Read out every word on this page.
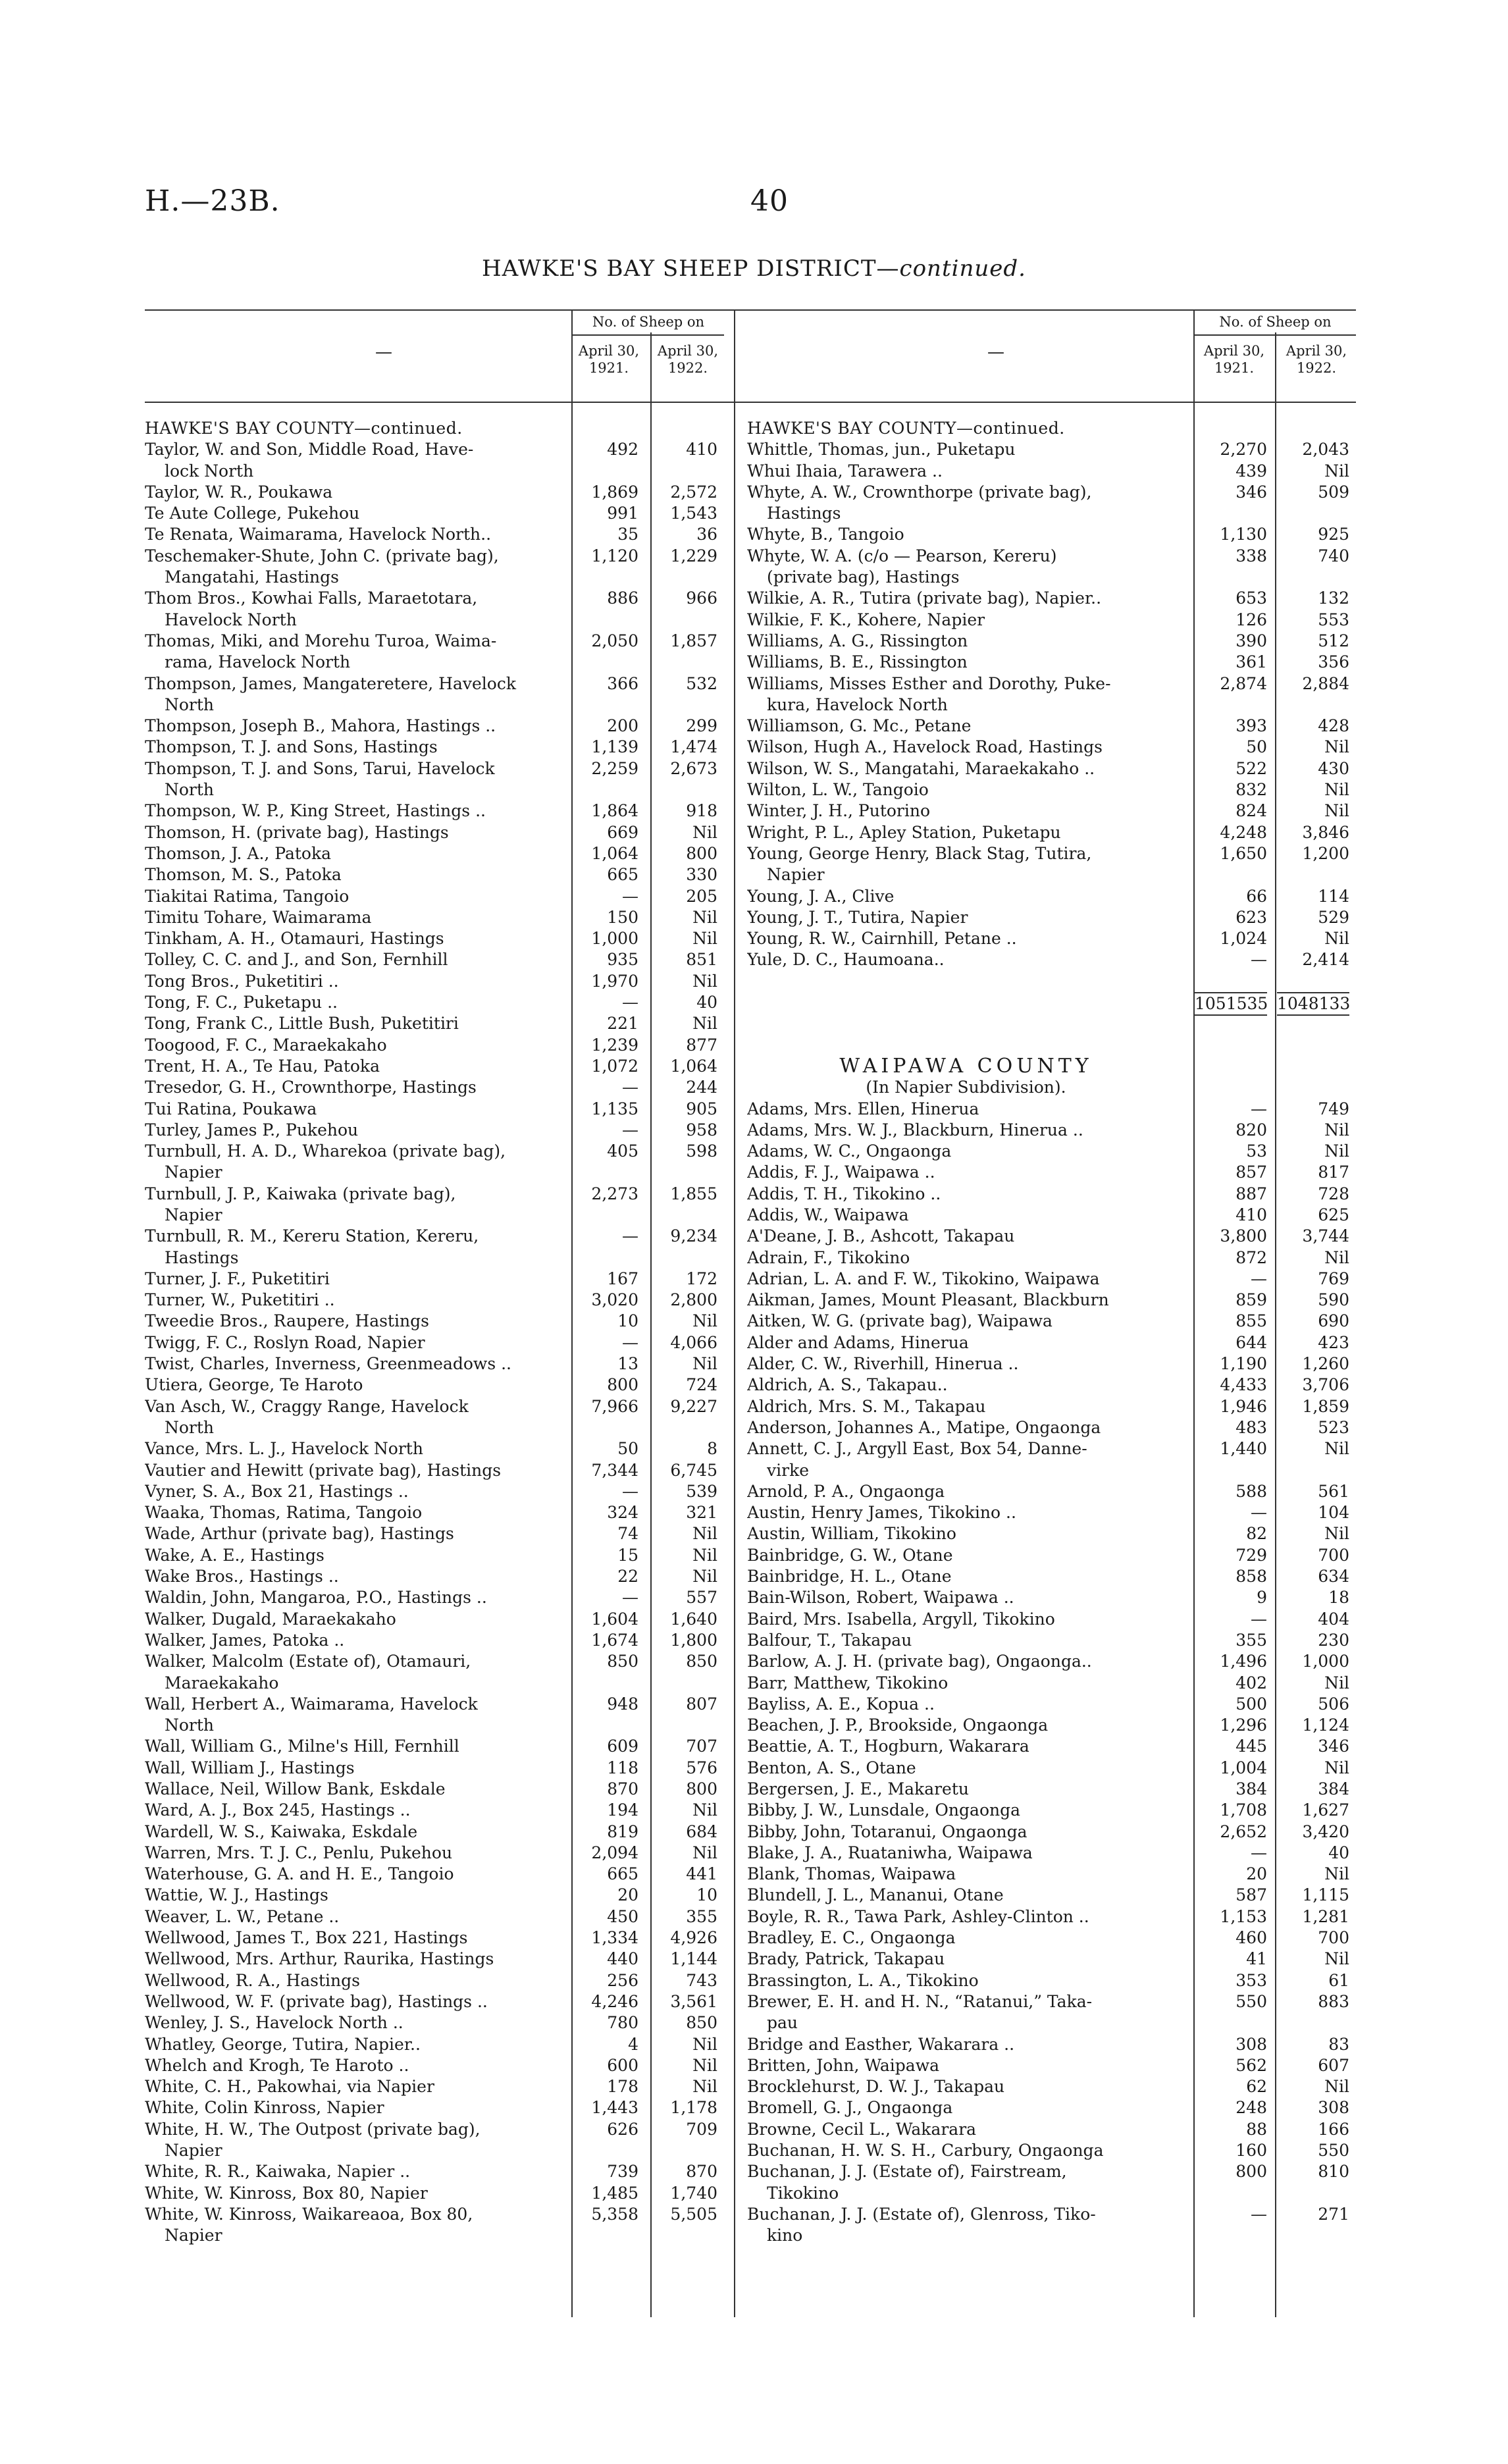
H.—23B.	40
HAWKE'S BAY SHEEP DISTRICT—continued.
—
No. of Sheep on
April 30, 1921.
April 30, 1922.
—
No. of Sheep on
April 30, 1921.
April 30, 1922.
HAWKE'S BAY COUNTY—continued.
Taylor, W. and Son, Middle Road, Have-	492	410
lock North
Taylor, W. R., Poukawa	1,869	2,572
Te Aute College, Pukehou	991	1,543
Te Renata, Waimarama, Havelock North..	35	36
Teschemaker-Shute, John C. (private bag),	1,120	1,229
Mangatahi, Hastings
Thom Bros., Kowhai Falls, Maraetotara,	886	966
Havelock North
Thomas, Miki, and Morehu Turoa, Waima-	2,050	1,857
rama, Havelock North
Thompson, James, Mangateretere, Havelock	366	532
North
Thompson, Joseph B., Mahora, Hastings ..	200	299
Thompson, T. J. and Sons, Hastings	1,139	1,474
Thompson, T. J. and Sons, Tarui, Havelock	2,259	2,673
North
Thompson, W. P., King Street, Hastings ..	1,864	918
Thomson, H. (private bag), Hastings	669	Nil
Thomson, J. A., Patoka	1,064	800
Thomson, M. S., Patoka	665	330
Tiakitai Ratima, Tangoio	—	205
Timitu Tohare, Waimarama	150	Nil
Tinkham, A. H., Otamauri, Hastings	1,000	Nil
Tolley, C. C. and J., and Son, Fernhill	935	851
Tong Bros., Puketitiri ..	1,970	Nil
Tong, F. C., Puketapu ..	—	40
Tong, Frank C., Little Bush, Puketitiri	221	Nil
Toogood, F. C., Maraekakaho	1,239	877
Trent, H. A., Te Hau, Patoka	1,072	1,064
Tresedor, G. H., Crownthorpe, Hastings	—	244
Tui Ratina, Poukawa	1,135	905
Turley, James P., Pukehou	—	958
Turnbull, H. A. D., Wharekoa (private bag),	405	598
Napier
Turnbull, J. P., Kaiwaka (private bag),	2,273	1,855
Napier
Turnbull, R. M., Kereru Station, Kereru,	—	9,234
Hastings
Turner, J. F., Puketitiri	167	172
Turner, W., Puketitiri ..	3,020	2,800
Tweedie Bros., Raupere, Hastings	10	Nil
Twigg, F. C., Roslyn Road, Napier	—	4,066
Twist, Charles, Inverness, Greenmeadows ..	13	Nil
Utiera, George, Te Haroto	800	724
Van Asch, W., Craggy Range, Havelock	7,966	9,227
North
Vance, Mrs. L. J., Havelock North	50	8
Vautier and Hewitt (private bag), Hastings	7,344	6,745
Vyner, S. A., Box 21, Hastings ..	—	539
Waaka, Thomas, Ratima, Tangoio	324	321
Wade, Arthur (private bag), Hastings	74	Nil
Wake, A. E., Hastings	15	Nil
Wake Bros., Hastings ..	22	Nil
Waldin, John, Mangaroa, P.O., Hastings ..	—	557
Walker, Dugald, Maraekakaho	1,604	1,640
Walker, James, Patoka ..	1,674	1,800
Walker, Malcolm (Estate of), Otamauri,	850	850
Maraekakaho
Wall, Herbert A., Waimarama, Havelock	948	807
North
Wall, William G., Milne's Hill, Fernhill	609	707
Wall, William J., Hastings	118	576
Wallace, Neil, Willow Bank, Eskdale	870	800
Ward, A. J., Box 245, Hastings ..	194	Nil
Wardell, W. S., Kaiwaka, Eskdale	819	684
Warren, Mrs. T. J. C., Penlu, Pukehou	2,094	Nil
Waterhouse, G. A. and H. E., Tangoio	665	441
Wattie, W. J., Hastings	20	10
Weaver, L. W., Petane ..	450	355
Wellwood, James T., Box 221, Hastings	1,334	4,926
Wellwood, Mrs. Arthur, Raurika, Hastings	440	1,144
Wellwood, R. A., Hastings	256	743
Wellwood, W. F. (private bag), Hastings ..	4,246	3,561
Wenley, J. S., Havelock North ..	780	850
Whatley, George, Tutira, Napier..	4	Nil
Whelch and Krogh, Te Haroto ..	600	Nil
White, C. H., Pakowhai, via Napier	178	Nil
White, Colin Kinross, Napier	1,443	1,178
White, H. W., The Outpost (private bag),	626	709
Napier
White, R. R., Kaiwaka, Napier ..	739	870
White, W. Kinross, Box 80, Napier	1,485	1,740
White, W. Kinross, Waikareaoa, Box 80,	5,358	5,505
Napier
HAWKE'S BAY COUNTY—continued.
Whittle, Thomas, jun., Puketapu	2,270	2,043
Whui Ihaia, Tarawera ..	439	Nil
Whyte, A. W., Crownthorpe (private bag),	346	509
Hastings
Whyte, B., Tangoio	1,130	925
Whyte, W. A. (c/o — Pearson, Kereru)	338	740
(private bag), Hastings
Wilkie, A. R., Tutira (private bag), Napier..	653	132
Wilkie, F. K., Kohere, Napier	126	553
Williams, A. G., Rissington	390	512
Williams, B. E., Rissington	361	356
Williams, Misses Esther and Dorothy, Puke-	2,874	2,884
kura, Havelock North
Williamson, G. Mc., Petane	393	428
Wilson, Hugh A., Havelock Road, Hastings	50	Nil
Wilson, W. S., Mangatahi, Maraekakaho ..	522	430
Wilton, L. W., Tangoio	832	Nil
Winter, J. H., Putorino	824	Nil
Wright, P. L., Apley Station, Puketapu	4,248	3,846
Young, George Henry, Black Stag, Tutira,	1,650	1,200
Napier
Young, J. A., Clive	66	114
Young, J. T., Tutira, Napier	623	529
Young, R. W., Cairnhill, Petane ..	1,024	Nil
Yule, D. C., Haumoana..	—	2,414
1051535 1048133
WAIPAWA COUNTY
(In Napier Subdivision).
Adams, Mrs. Ellen, Hinerua	—	749
Adams, Mrs. W. J., Blackburn, Hinerua ..	820	Nil
Adams, W. C., Ongaonga	53	Nil
Addis, F. J., Waipawa ..	857	817
Addis, T. H., Tikokino ..	887	728
Addis, W., Waipawa	410	625
A'Deane, J. B., Ashcott, Takapau	3,800	3,744
Adrain, F., Tikokino	872	Nil
Adrian, L. A. and F. W., Tikokino, Waipawa	—	769
Aikman, James, Mount Pleasant, Blackburn	859	590
Aitken, W. G. (private bag), Waipawa	855	690
Alder and Adams, Hinerua	644	423
Alder, C. W., Riverhill, Hinerua ..	1,190	1,260
Aldrich, A. S., Takapau..	4,433	3,706
Aldrich, Mrs. S. M., Takapau	1,946	1,859
Anderson, Johannes A., Matipe, Ongaonga	483	523
Annett, C. J., Argyll East, Box 54, Danne-	1,440	Nil
virke
Arnold, P. A., Ongaonga	588	561
Austin, Henry James, Tikokino ..	—	104
Austin, William, Tikokino	82	Nil
Bainbridge, G. W., Otane	729	700
Bainbridge, H. L., Otane	858	634
Bain-Wilson, Robert, Waipawa ..	9	18
Baird, Mrs. Isabella, Argyll, Tikokino	—	404
Balfour, T., Takapau	355	230
Barlow, A. J. H. (private bag), Ongaonga..	1,496	1,000
Barr, Matthew, Tikokino	402	Nil
Bayliss, A. E., Kopua ..	500	506
Beachen, J. P., Brookside, Ongaonga	1,296	1,124
Beattie, A. T., Hogburn, Wakarara	445	346
Benton, A. S., Otane	1,004	Nil
Bergersen, J. E., Makaretu	384	384
Bibby, J. W., Lunsdale, Ongaonga	1,708	1,627
Bibby, John, Totaranui, Ongaonga	2,652	3,420
Blake, J. A., Ruataniwha, Waipawa	—	40
Blank, Thomas, Waipawa	20	Nil
Blundell, J. L., Mananui, Otane	587	1,115
Boyle, R. R., Tawa Park, Ashley-Clinton ..	1,153	1,281
Bradley, E. C., Ongaonga	460	700
Brady, Patrick, Takapau	41	Nil
Brassington, L. A., Tikokino	353	61
Brewer, E. H. and H. N., “Ratanui,” Taka-	550	883
pau
Bridge and Easther, Wakarara ..	308	83
Britten, John, Waipawa	562	607
Brocklehurst, D. W. J., Takapau	62	Nil
Bromell, G. J., Ongaonga	248	308
Browne, Cecil L., Wakarara	88	166
Buchanan, H. W. S. H., Carbury, Ongaonga	160	550
Buchanan, J. J. (Estate of), Fairstream,	800	810
Tikokino
Buchanan, J. J. (Estate of), Glenross, Tiko-	—	271
kino
